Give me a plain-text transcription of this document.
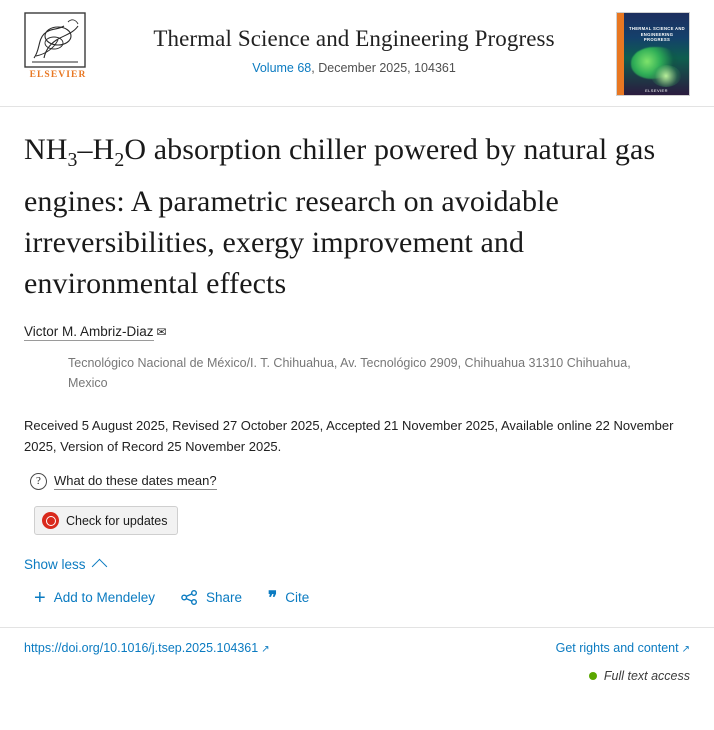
ELSEVIER
Thermal Science and Engineering Progress
Volume 68, December 2025, 104361
THERMAL SCIENCE AND ENGINEERING PROGRESS
ELSEVIER
$NH_3-H_2O$ absorption chiller powered by natural gas engines: A parametric research on avoidable irreversibilities, exergy improvement and environmental effects
Victor M. Ambriz-Diaz ✉
Tecnológico Nacional de México/I. T. Chihuahua, Av. Tecnológico 2909, Chihuahua 31310 Chihuahua, Mexico
Received 5 August 2025, Revised 27 October 2025, Accepted 21 November 2025, Available online 22 November 2025, Version of Record 25 November 2025.
?	What do these dates mean?
Check for updates
Show less
+ Add to Mendeley	Share ❞ Cite
https://doi.org/10.1016/j.tsep.2025.104361 ↗	Get rights and content ↗
Full text access
